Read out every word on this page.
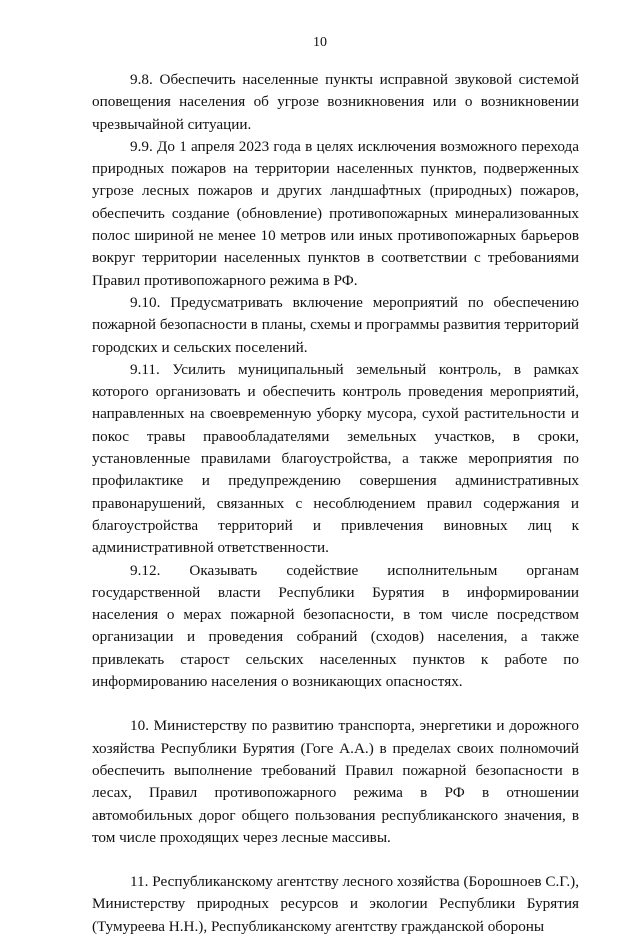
10

9.8. Обеспечить населенные пункты исправной звуковой системой оповещения населения об угрозе возникновения или о возникновении чрезвычайной ситуации.

9.9. До 1 апреля 2023 года в целях исключения возможного перехода природных пожаров на территории населенных пунктов, подверженных угрозе лесных пожаров и других ландшафтных (природных) пожаров, обеспечить создание (обновление) противопожарных минерализованных полос шириной не менее 10 метров или иных противопожарных барьеров вокруг территории населенных пунктов в соответствии с требованиями Правил противопожарного режима в РФ.

9.10. Предусматривать включение мероприятий по обеспечению пожарной безопасности в планы, схемы и программы развития территорий городских и сельских поселений.

9.11. Усилить муниципальный земельный контроль, в рамках которого организовать и обеспечить контроль проведения мероприятий, направленных на своевременную уборку мусора, сухой растительности и покос травы правообладателями земельных участков, в сроки, установленные правилами благоустройства, а также мероприятия по профилактике и предупреждению совершения административных правонарушений, связанных с несоблюдением правил содержания и благоустройства территорий и привлечения виновных лиц к административной ответственности.

9.12. Оказывать содействие исполнительным органам государственной власти Республики Бурятия в информировании населения о мерах пожарной безопасности, в том числе посредством организации и проведения собраний (сходов) населения, а также привлекать старост сельских населенных пунктов к работе по информированию населения о возникающих опасностях.

10. Министерству по развитию транспорта, энергетики и дорожного хозяйства Республики Бурятия (Гоге А.А.) в пределах своих полномочий обеспечить выполнение требований Правил пожарной безопасности в лесах, Правил противопожарного режима в РФ в отношении автомобильных дорог общего пользования республиканского значения, в том числе проходящих через лесные массивы.

11. Республиканскому агентству лесного хозяйства (Борошноев С.Г.), Министерству природных ресурсов и экологии Республики Бурятия (Тумуреева Н.Н.), Республиканскому агентству гражданской обороны
